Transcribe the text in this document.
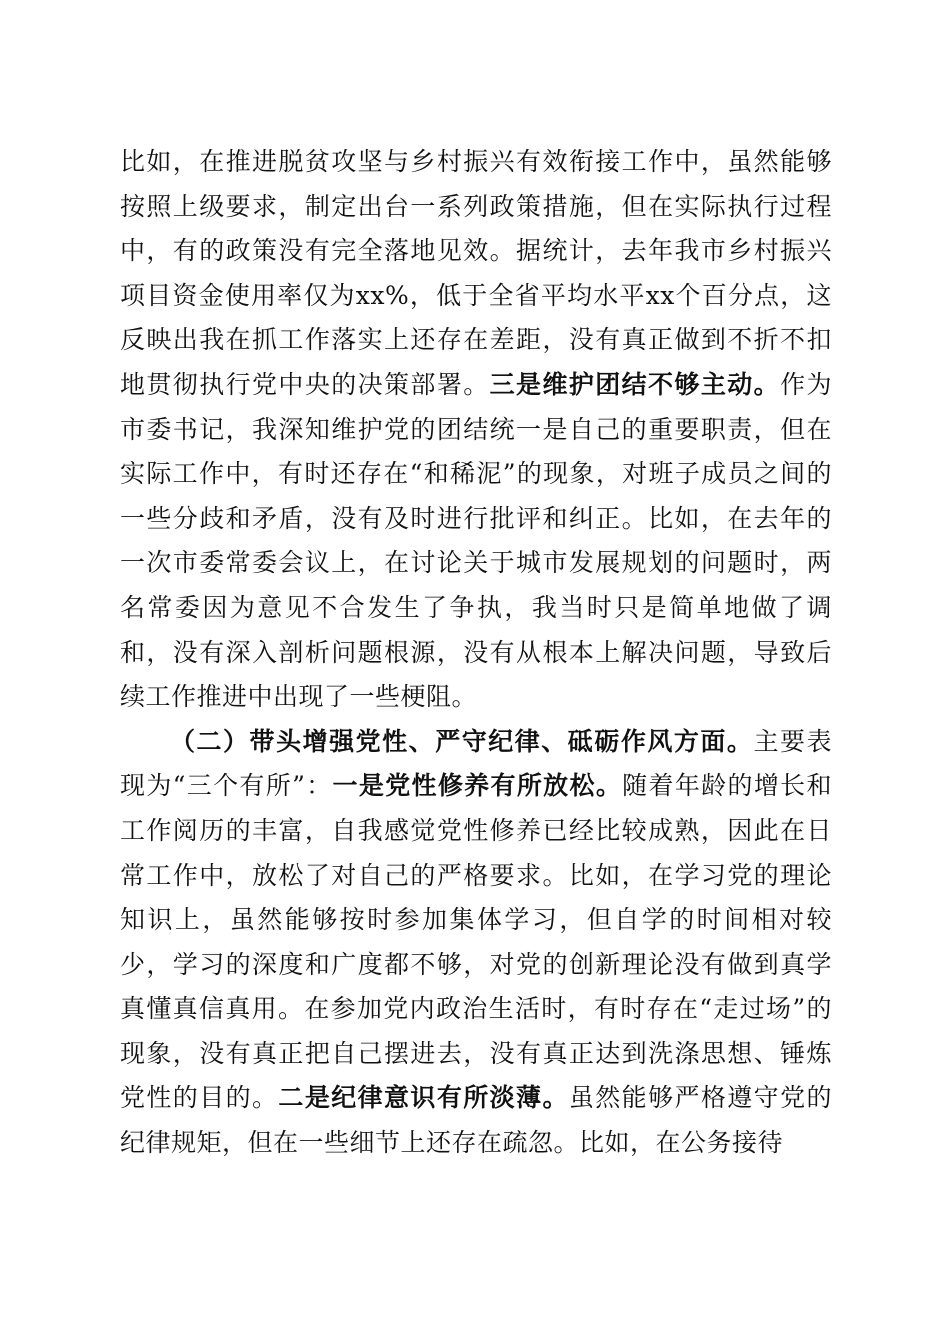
比如，在推进脱贫攻坚与乡村振兴有效衔接工作中，虽然能够按照上级要求，制定出台一系列政策措施，但在实际执行过程中，有的政策没有完全落地见效。据统计，去年我市乡村振兴项目资金使用率仅为xx%，低于全省平均水平xx个百分点，这反映出我在抓工作落实上还存在差距，没有真正做到不折不扣地贯彻执行党中央的决策部署。三是维护团结不够主动。作为市委书记，我深知维护党的团结统一是自己的重要职责，但在实际工作中，有时还存在“和稀泥”的现象，对班子成员之间的一些分歧和矛盾，没有及时进行批评和纠正。比如，在去年的一次市委常委会议上，在讨论关于城市发展规划的问题时，两名常委因为意见不合发生了争执，我当时只是简单地做了调和，没有深入剖析问题根源，没有从根本上解决问题，导致后续工作推进中出现了一些梗阻。

（二）带头增强党性、严守纪律、砥砺作风方面。主要表现为“三个有所”：一是党性修养有所放松。随着年龄的增长和工作阅历的丰富，自我感觉党性修养已经比较成熟，因此在日常工作中，放松了对自己的严格要求。比如，在学习党的理论知识上，虽然能够按时参加集体学习，但自学的时间相对较少，学习的深度和广度都不够，对党的创新理论没有做到真学真懂真信真用。在参加党内政治生活时，有时存在“走过场”的现象，没有真正把自己摆进去，没有真正达到洗涤思想、锤炼党性的目的。二是纪律意识有所淡薄。虽然能够严格遵守党的纪律规矩，但在一些细节上还存在疏忽。比如，在公务接待
